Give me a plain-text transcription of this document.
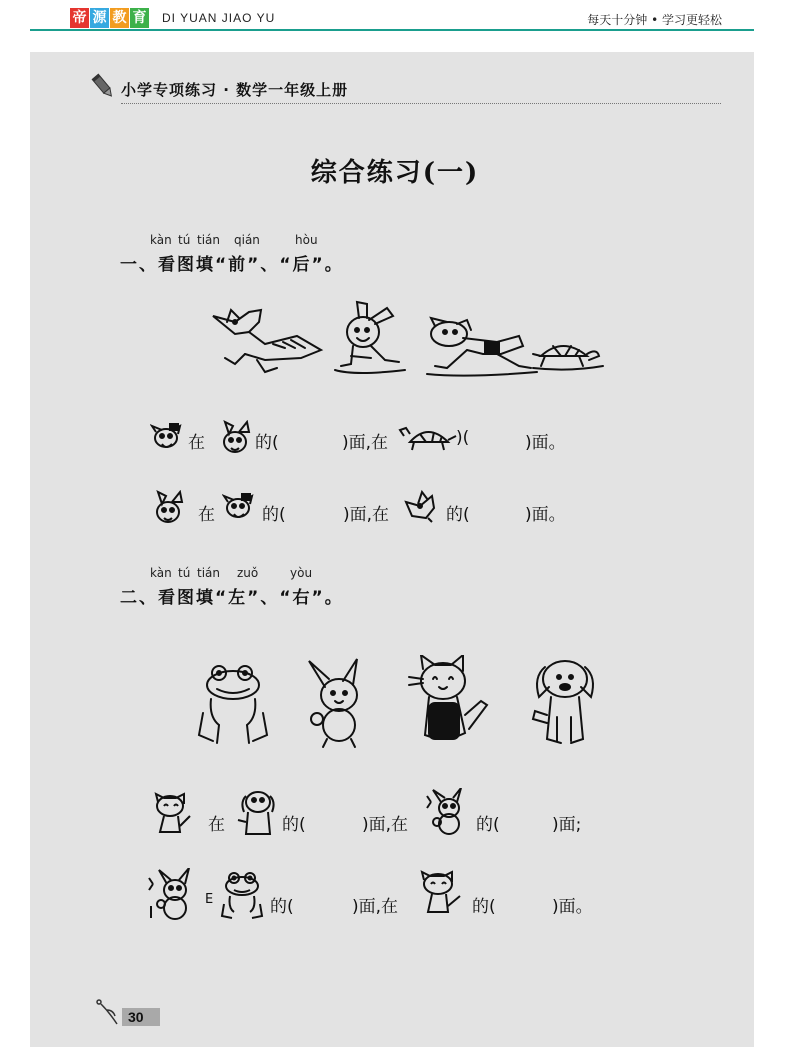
帝 源 教 育 DI YUAN JIAO YU	每天十分钟 • 学习更轻松
小学专项练习 · 数学一年级上册
综合练习(一)
kàn tú tián qián	hòu
一、看图填“前”、“后”。
在	的(	)面,在	)(	)面。
在	的(	)面,在	的(	)面。
kàn tú tián zuǒ	yòu
二、看图填“左”、“右”。
在	的(	)面,在	的(	)面;
E	的(	)面,在	的(	)面。
30
